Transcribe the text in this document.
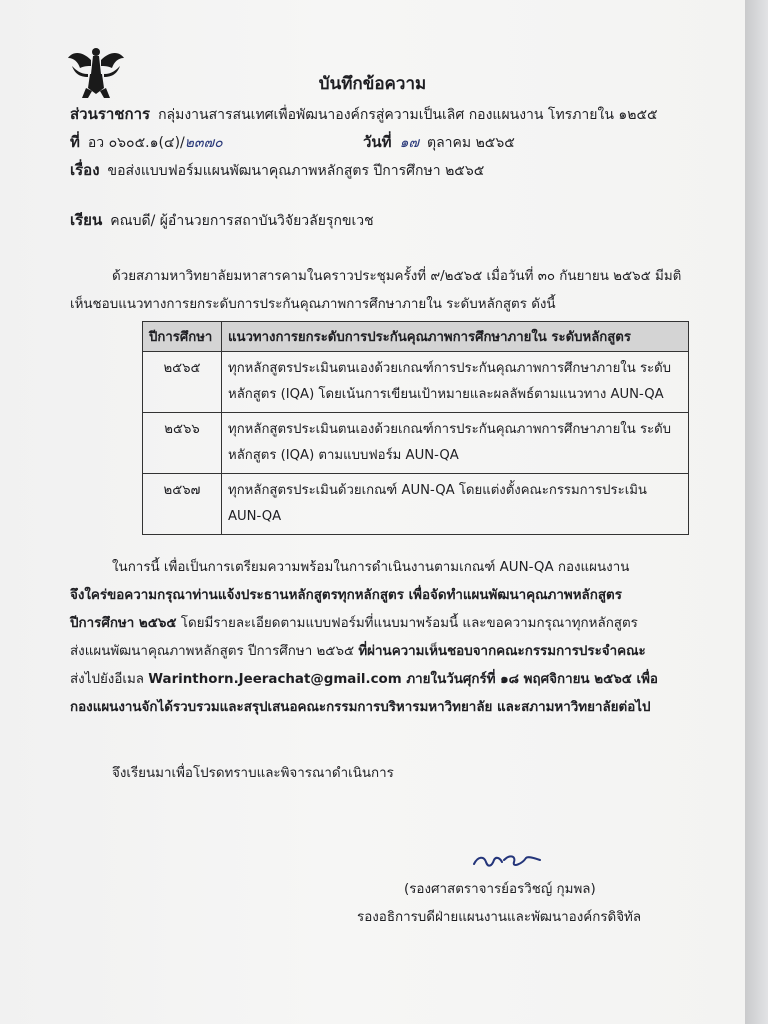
บันทึกข้อความ
ส่วนราชการ กลุ่มงานสารสนเทศเพื่อพัฒนาองค์กรสู่ความเป็นเลิศ กองแผนงาน โทรภายใน ๑๒๕๕
ที่ อว ๐๖๐๕.๑(๔)/๒๓๗๐	วันที่ ๑๗ ตุลาคม ๒๕๖๕
เรื่อง ขอส่งแบบฟอร์มแผนพัฒนาคุณภาพหลักสูตร ปีการศึกษา ๒๕๖๕
เรียน คณบดี/ ผู้อำนวยการสถาบันวิจัยวลัยรุกขเวช
ด้วยสภามหาวิทยาลัยมหาสารคามในคราวประชุมครั้งที่ ๙/๒๕๖๕ เมื่อวันที่ ๓๐ กันยายน ๒๕๖๕ มีมติ
เห็นชอบแนวทางการยกระดับการประกันคุณภาพการศึกษาภายใน ระดับหลักสูตร ดังนี้
ปีการศึกษา	แนวทางการยกระดับการประกันคุณภาพการศึกษาภายใน ระดับหลักสูตร
๒๕๖๕	ทุกหลักสูตรประเมินตนเองด้วยเกณฑ์การประกันคุณภาพการศึกษาภายใน ระดับ
หลักสูตร (IQA) โดยเน้นการเขียนเป้าหมายและผลลัพธ์ตามแนวทาง AUN-QA

๒๕๖๖	ทุกหลักสูตรประเมินตนเองด้วยเกณฑ์การประกันคุณภาพการศึกษาภายใน ระดับ
หลักสูตร (IQA) ตามแบบฟอร์ม AUN-QA

๒๕๖๗	ทุกหลักสูตรประเมินด้วยเกณฑ์ AUN-QA โดยแต่งตั้งคณะกรรมการประเมิน
AUN-QA
ในการนี้ เพื่อเป็นการเตรียมความพร้อมในการดำเนินงานตามเกณฑ์ AUN-QA กองแผนงาน
จึงใคร่ขอความกรุณาท่านแจ้งประธานหลักสูตรทุกหลักสูตร เพื่อจัดทำแผนพัฒนาคุณภาพหลักสูตร
ปีการศึกษา ๒๕๖๕ โดยมีรายละเอียดตามแบบฟอร์มที่แนบมาพร้อมนี้ และขอความกรุณาทุกหลักสูตร
ส่งแผนพัฒนาคุณภาพหลักสูตร ปีการศึกษา ๒๕๖๕ ที่ผ่านความเห็นชอบจากคณะกรรมการประจำคณะ
ส่งไปยังอีเมล Warinthorn.Jeerachat@gmail.com ภายในวันศุกร์ที่ ๑๘ พฤศจิกายน ๒๕๖๕ เพื่อ
กองแผนงานจักได้รวบรวมและสรุปเสนอคณะกรรมการบริหารมหาวิทยาลัย และสภามหาวิทยาลัยต่อไป
จึงเรียนมาเพื่อโปรดทราบและพิจารณาดำเนินการ
(รองศาสตราจารย์อรวิชญ์ กุมพล)
รองอธิการบดีฝ่ายแผนงานและพัฒนาองค์กรดิจิทัล
